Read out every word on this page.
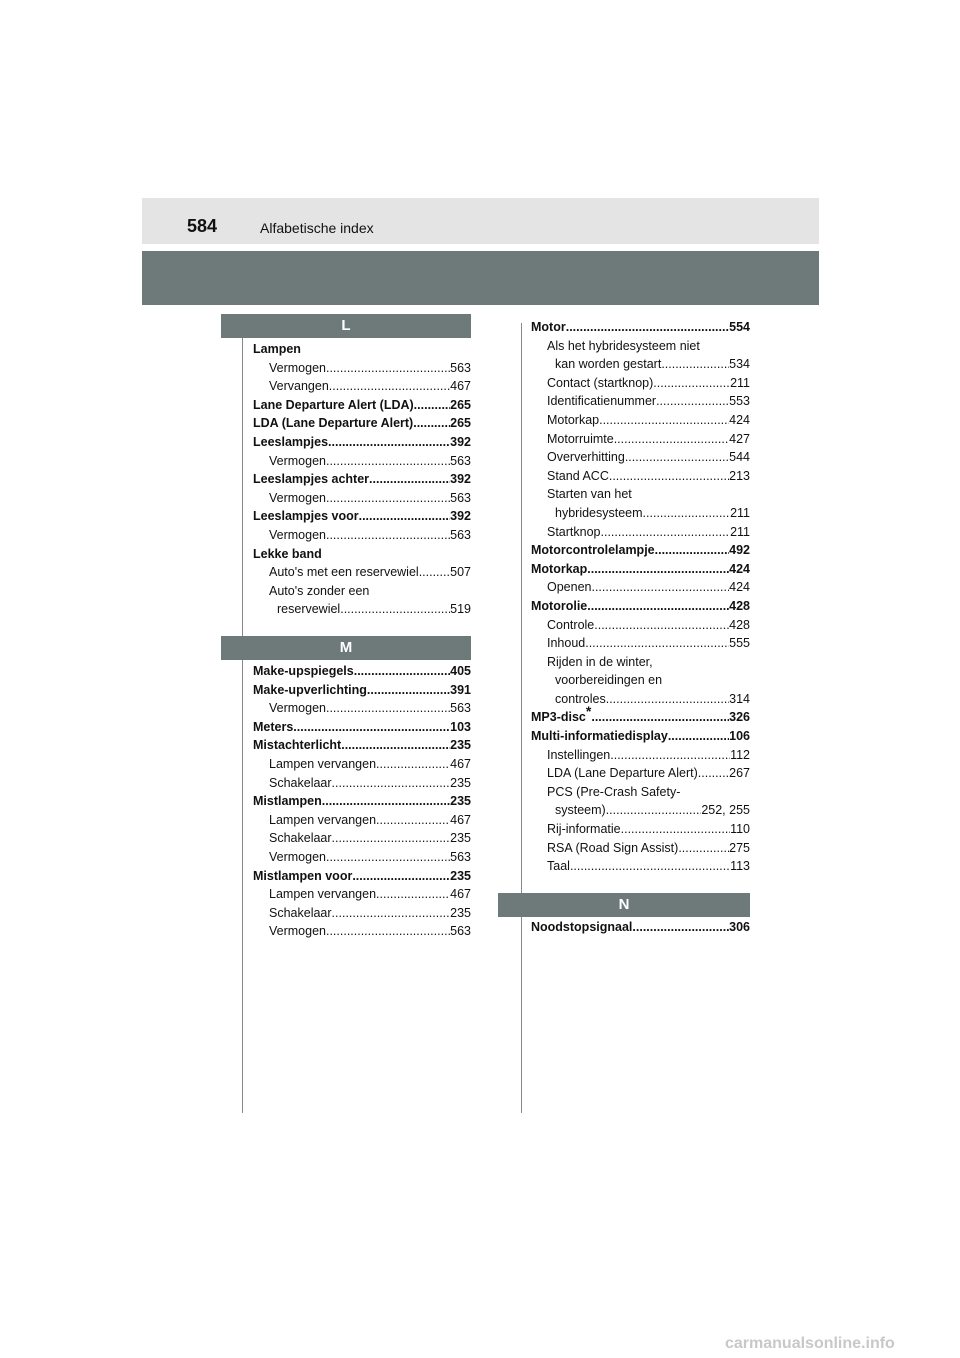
584	Alfabetische index
L
Lampen
Vermogen .....	563
Vervangen .....	467
Lane Departure Alert (LDA) .....	265
LDA (Lane Departure Alert) .....	265
Leeslampjes .....	392
Vermogen .....	563
Leeslampjes achter .....	392
Vermogen .....	563
Leeslampjes voor .....	392
Vermogen .....	563
Lekke band
Auto's met een reservewiel .....	507
Auto's zonder een
reservewiel .....	519
M
Make-upspiegels .....	405
Make-upverlichting .....	391
Vermogen .....	563
Meters .....	103
Mistachterlicht .....	235
Lampen vervangen .....	467
Schakelaar .....	235
Mistlampen .....	235
Lampen vervangen .....	467
Schakelaar .....	235
Vermogen .....	563
Mistlampen voor .....	235
Lampen vervangen .....	467
Schakelaar .....	235
Vermogen .....	563
Motor .....	554
Als het hybridesysteem niet
kan worden gestart .....	534
Contact (startknop) .....	211
Identificatienummer .....	553
Motorkap .....	424
Motorruimte .....	427
Oververhitting .....	544
Stand ACC .....	213
Starten van het
hybridesysteem .....	211
Startknop .....	211
Motorcontrolelampje .....	492
Motorkap .....	424
Openen .....	424
Motorolie .....	428
Controle .....	428
Inhoud .....	555
Rijden in de winter,
voorbereidingen en
controles .....	314
MP3-disc* .....	326
Multi-informatiedisplay .....	106
Instellingen .....	112
LDA (Lane Departure Alert) .....	267
PCS (Pre-Crash Safety-
systeem) .....	252, 255
Rij-informatie .....	110
RSA (Road Sign Assist) .....	275
Taal .....	113
N
Noodstopsignaal .....	306
carmanualsonline.info
